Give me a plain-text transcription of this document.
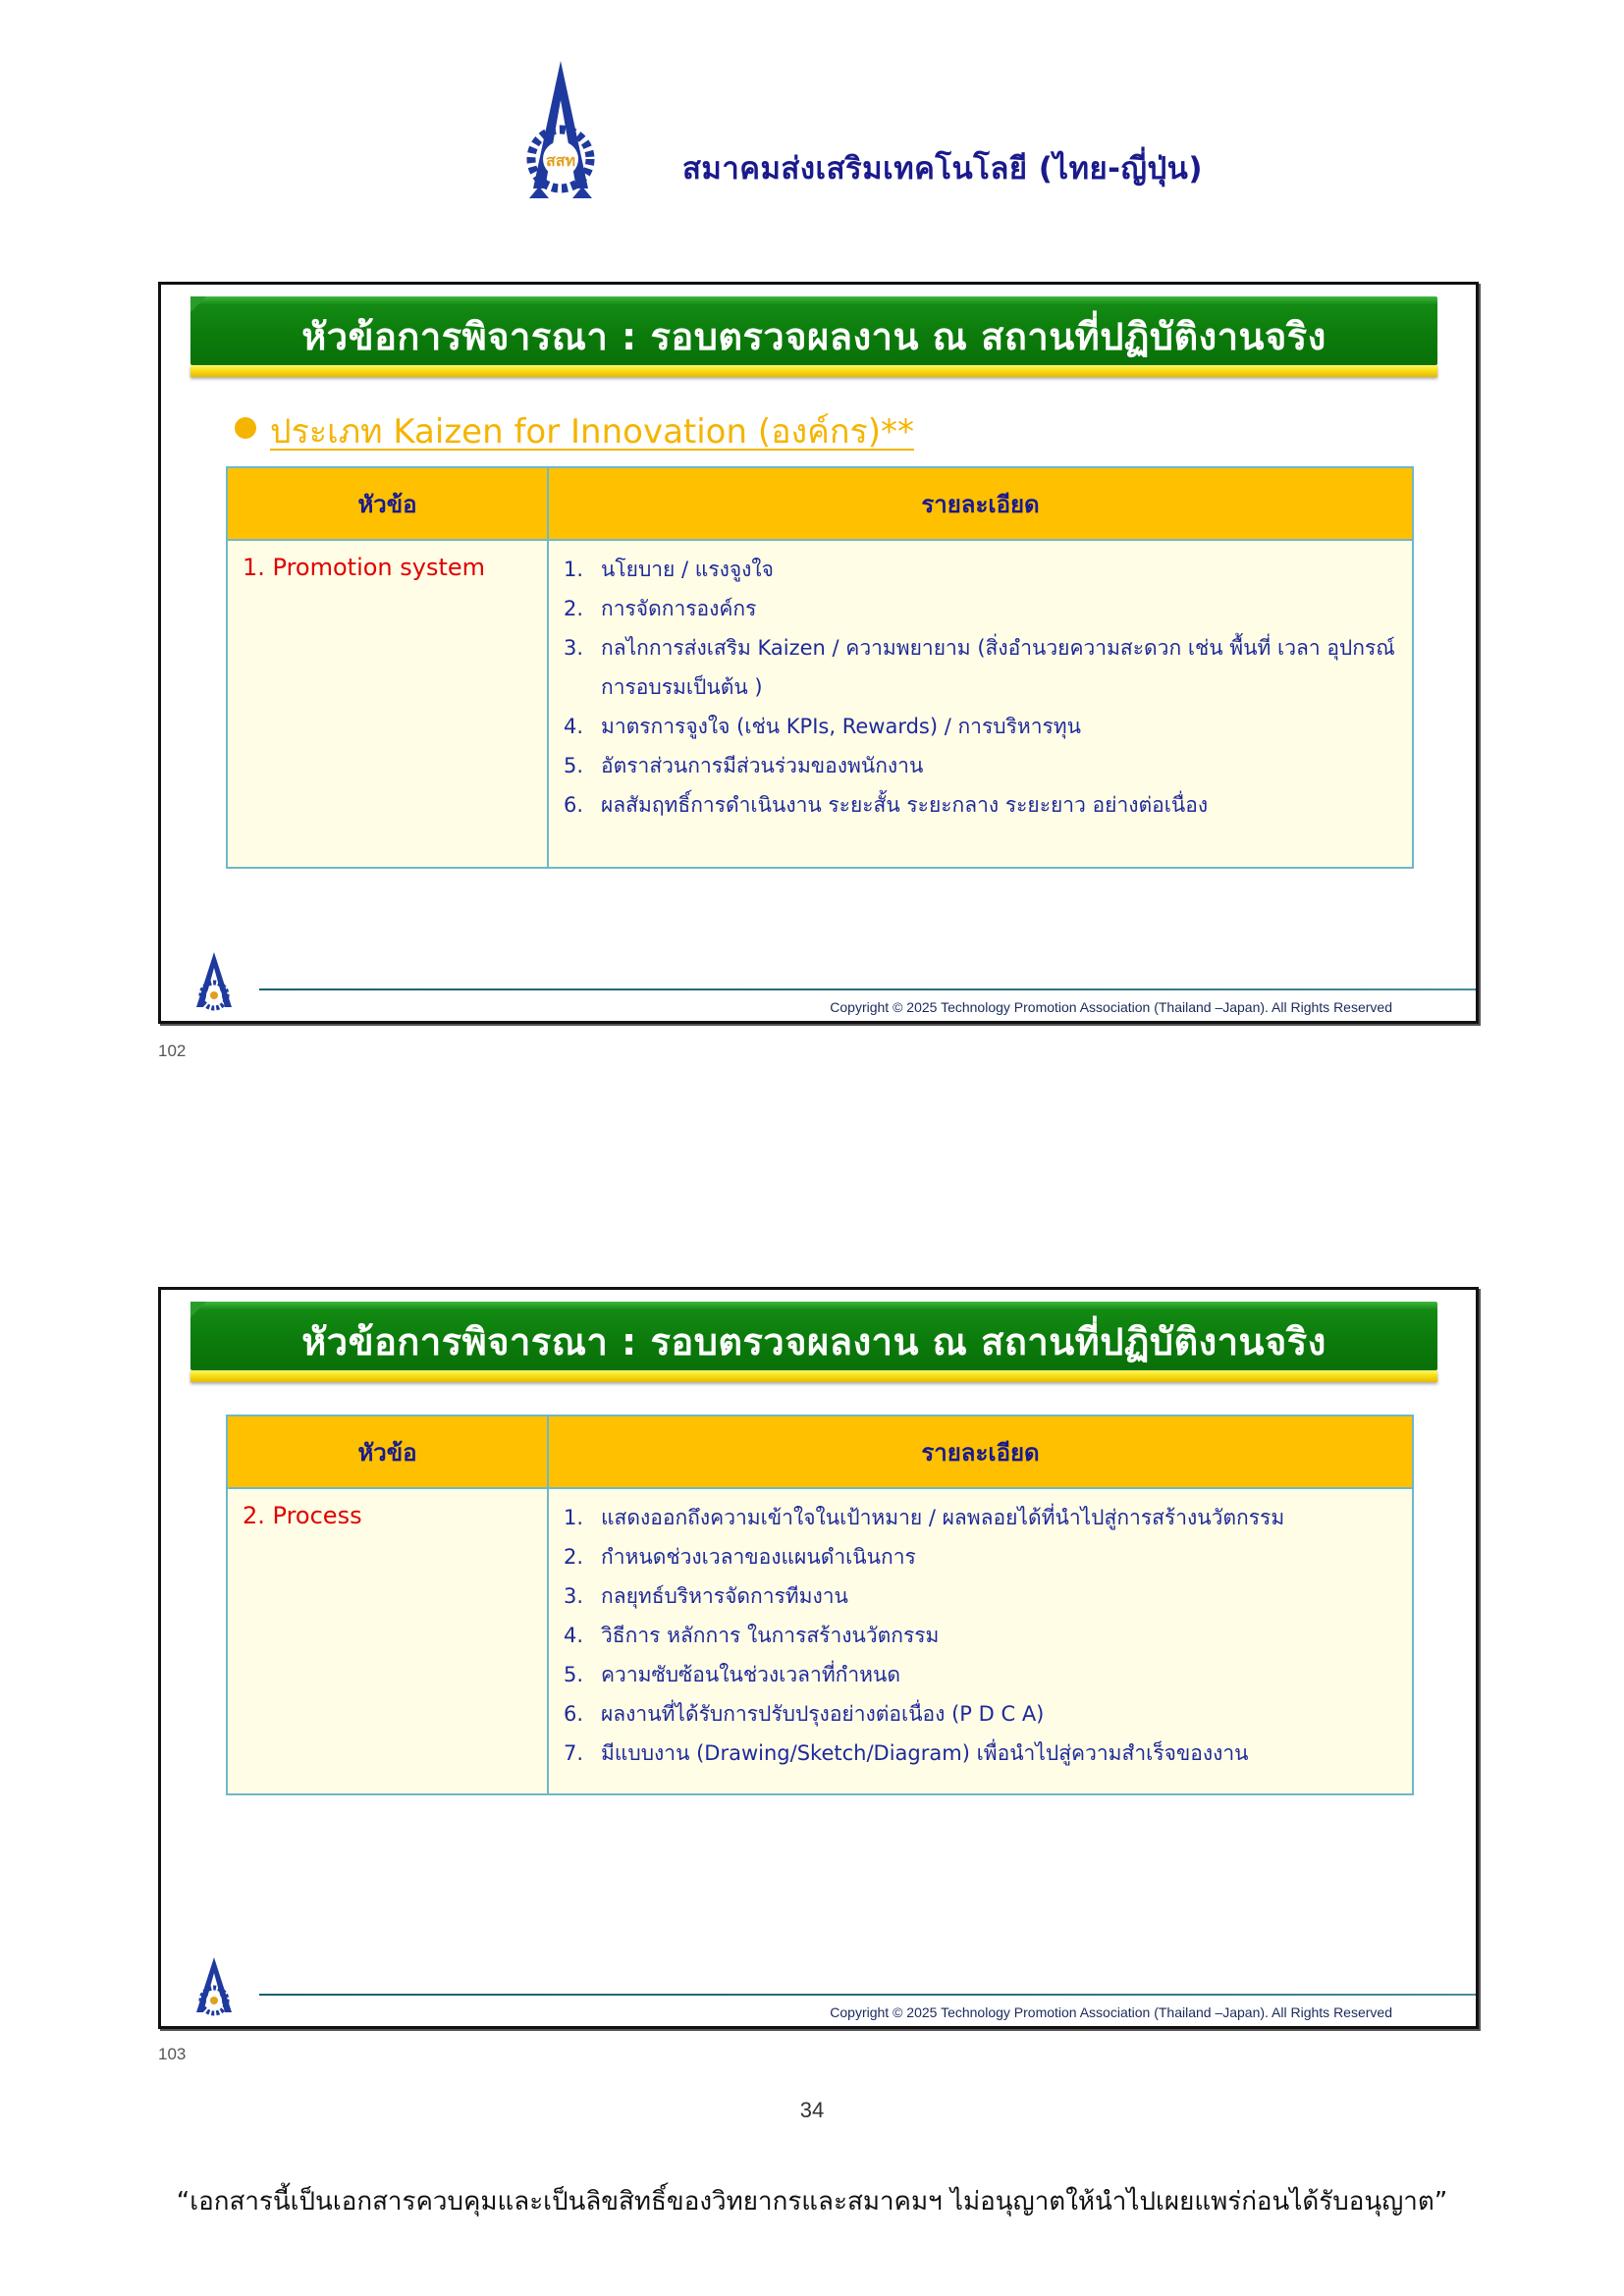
สสท	สมาคมส่งเสริมเทคโนโลยี (ไทย-ญี่ปุ่น)
หัวข้อการพิจารณา : รอบตรวจผลงาน ณ สถานที่ปฏิบัติงานจริง
ประเภท Kaizen for Innovation (องค์กร)**
หัวข้อ	รายละเอียด

1. Promotion system	1. นโยบาย / แรงจูงใจ
2. การจัดการองค์กร
3. กลไกการส่งเสริม Kaizen / ความพยายาม (สิ่งอำนวยความสะดวก เช่น พื้นที่ เวลา อุปกรณ์ การอบรมเป็นต้น )
4. มาตรการจูงใจ (เช่น KPIs, Rewards) / การบริหารทุน
5. อัตราส่วนการมีส่วนร่วมของพนักงาน
6. ผลสัมฤทธิ์การดำเนินงาน ระยะสั้น ระยะกลาง ระยะยาว อย่างต่อเนื่อง
Copyright © 2025 Technology Promotion Association (Thailand –Japan). All Rights Reserved
102
หัวข้อการพิจารณา : รอบตรวจผลงาน ณ สถานที่ปฏิบัติงานจริง
หัวข้อ	รายละเอียด

2. Process	1. แสดงออกถึงความเข้าใจในเป้าหมาย / ผลพลอยได้ที่นำไปสู่การสร้างนวัตกรรม
2. กำหนดช่วงเวลาของแผนดำเนินการ
3. กลยุทธ์บริหารจัดการทีมงาน
4. วิธีการ หลักการ ในการสร้างนวัตกรรม
5. ความซับซ้อนในช่วงเวลาที่กำหนด
6. ผลงานที่ได้รับการปรับปรุงอย่างต่อเนื่อง (P D C A)
7. มีแบบงาน (Drawing/Sketch/Diagram) เพื่อนำไปสู่ความสำเร็จของงาน
Copyright © 2025 Technology Promotion Association (Thailand –Japan). All Rights Reserved
103
34
“เอกสารนี้เป็นเอกสารควบคุมและเป็นลิขสิทธิ์ของวิทยากรและสมาคมฯ ไม่อนุญาตให้นำไปเผยแพร่ก่อนได้รับอนุญาต”
